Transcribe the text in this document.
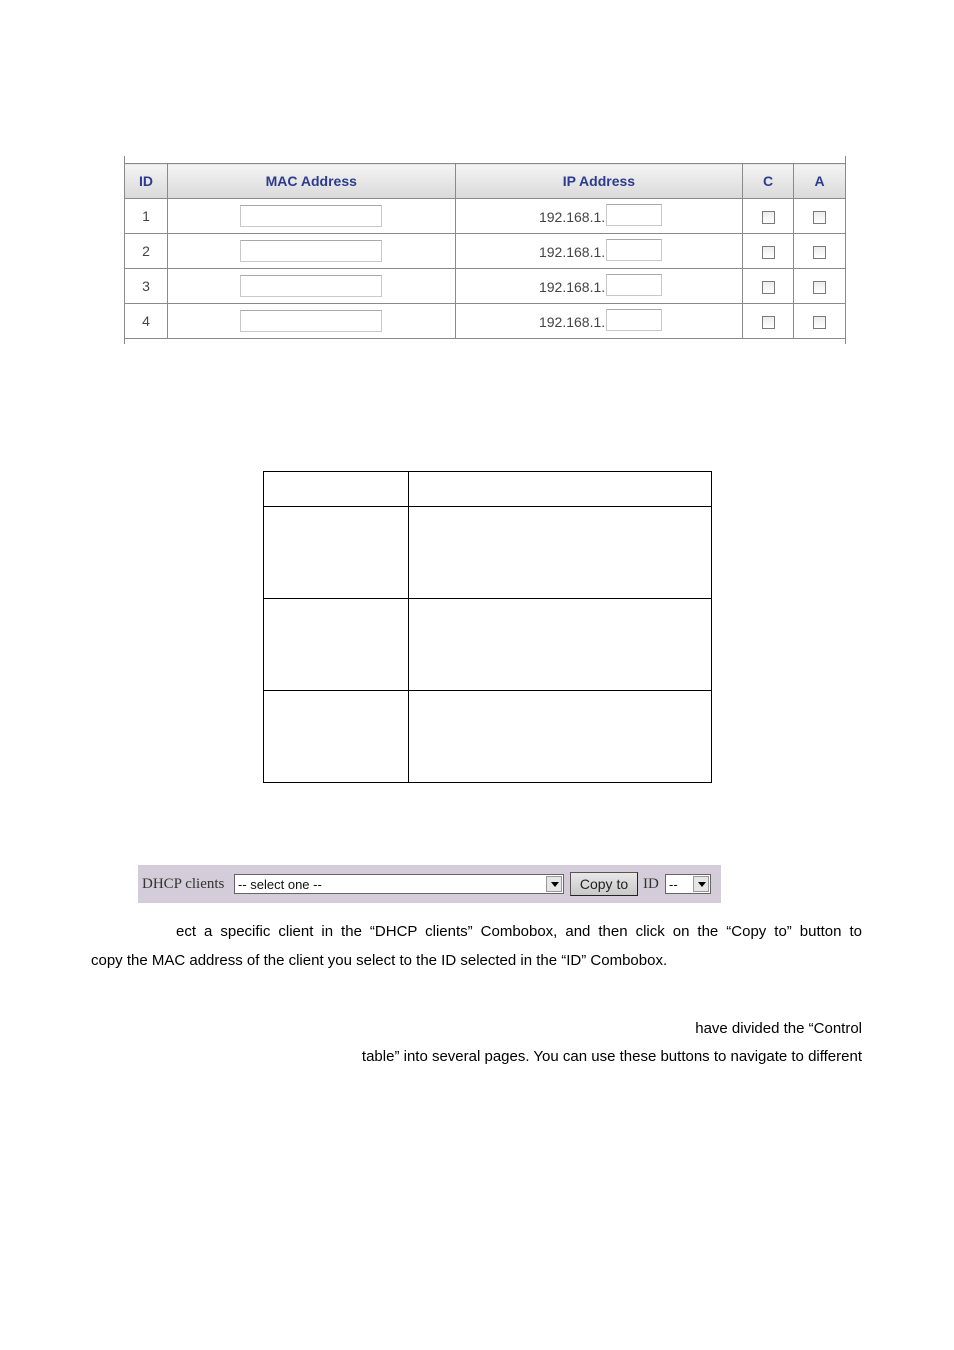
ID	MAC Address	IP Address	C	A
1		192.168.1.		

2		192.168.1.		

3		192.168.1.		

4		192.168.1.		

DHCP clients -- select one --	Copy to ID --
ect a specific client in the “DHCP clients” Combobox, and then click on the “Copy to” button to
copy the MAC address of the client you select to the ID selected in the “ID” Combobox.
have divided the “Control
table” into several pages. You can use these buttons to navigate to different
